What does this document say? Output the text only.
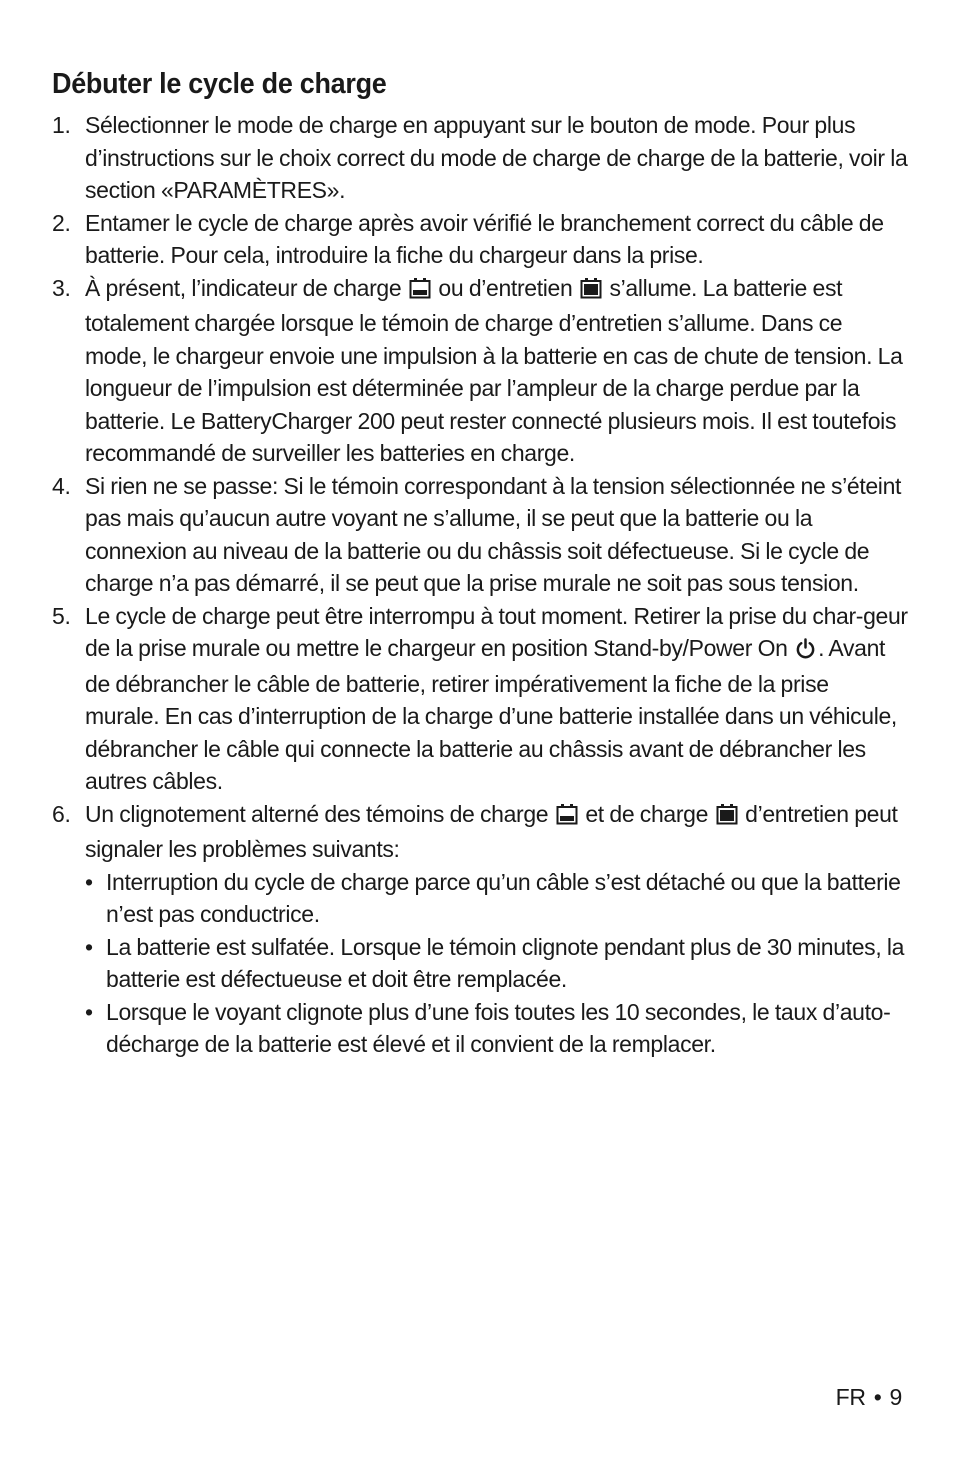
Débuter le cycle de charge
1. Sélectionner le mode de charge en appuyant sur le bouton de mode. Pour plus d’instructions sur le choix correct du mode de charge de charge de la batterie, voir la section «PARAMÈTRES».
2. Entamer le cycle de charge après avoir vérifié le branchement correct du câble de batterie. Pour cela, introduire la fiche du chargeur dans la prise.
3. À présent, l’indicateur de charge ou d’entretien s’allume. La batterie est totalement chargée lorsque le témoin de charge d’entretien s’allume. Dans ce mode, le chargeur envoie une impulsion à la batterie en cas de chute de tension. La longueur de l’impulsion est déterminée par l’ampleur de la charge perdue par la batterie. Le BatteryCharger 200 peut rester connecté plusieurs mois. Il est toutefois recommandé de surveiller les batteries en charge.
4. Si rien ne se passe: Si le témoin correspondant à la tension sélectionnée ne s’éteint pas mais qu’aucun autre voyant ne s’allume, il se peut que la batterie ou la connexion au niveau de la batterie ou du châssis soit défectueuse. Si le cycle de charge n’a pas démarré, il se peut que la prise murale ne soit pas sous tension.
5. Le cycle de charge peut être interrompu à tout moment. Retirer la prise du char-geur de la prise murale ou mettre le chargeur en position Stand-by/Power On . Avant de débrancher le câble de batterie, retirer impérativement la fiche de la prise murale. En cas d’interruption de la charge d’une batterie installée dans un véhicule, débrancher le câble qui connecte la batterie au châssis avant de débrancher les autres câbles.
6. Un clignotement alterné des témoins de charge et de charge d’entretien peut signaler les problèmes suivants:
• Interruption du cycle de charge parce qu’un câble s’est détaché ou que la batterie n’est pas conductrice.
• La batterie est sulfatée. Lorsque le témoin clignote pendant plus de 30 minutes, la batterie est défectueuse et doit être remplacée.
• Lorsque le voyant clignote plus d’une fois toutes les 10 secondes, le taux d’auto-décharge de la batterie est élevé et il convient de la remplacer.
FR • 9
